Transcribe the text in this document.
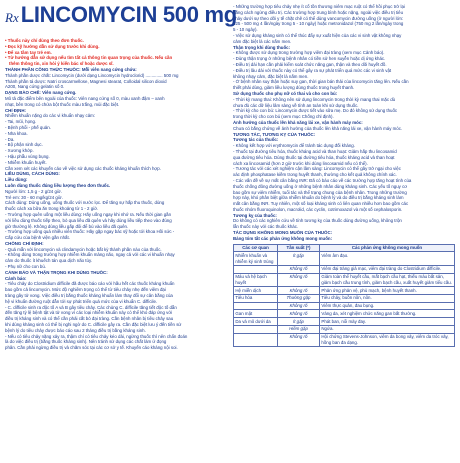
Rx LINCOMYCIN 500 mg

• Thuốc này chỉ dùng theo đơn thuốc.

• Đọc kỹ hướng dẫn sử dụng trước khi dùng.

• Để xa tầm tay trẻ em.

• Từ hướng dẫn sử dụng nếu tìm tất cả thông tin quan trọng của thuốc. Nếu cần

thêm thông tin, xin hỏi ý kiến bác sĩ hoặc dược sĩ.

THÀNH PHẦN CÔNG THỨC THUỐC: Mỗi viên nang cứng chứa:

Thành phần dược chất: Lincomycin (dưới dạng Lincomycin hydroclorid) .............. 500 mg

Thành phần tá dược: Natri croscarmellose, Magnesi stearat, Colloidal silicon dioxid

A200, Nang cứng gelatin số 0.

DẠNG BÀO CHẾ: Viên nang cứng.

Mô tả đặc điểm bên ngoài của thuốc: Viên nang cứng số 0, màu xanh đậm – xanh

nhạt, bên trong có chứa bột thuốc màu trắng, mùi đặc biệt.

CHỈ ĐỊNH:

Nhiễm khuẩn nặng do các vi khuẩn nhạy cảm:

- Tai, mũi, họng.

- Bệnh phổi - phế quản.

- Nha khoa.

- Da.

- Bộ phận sinh dục.

- Xương khớp.

- Hậu phẫu vùng bụng.

- Nhiễm khuẩn huyết.

Cần xem xét các khuyến cáo về việc sử dụng các thuốc kháng khuẩn thích hợp.

LIỀU DÙNG, CÁCH DÙNG:

Liều dùng:

Luôn dùng thuốc đúng liều lượng theo đơn thuốc.

Người lớn: 1,5 g - 2 g/24 giờ.

Trẻ em: 30 - 60 mg/kg/24 giờ.

Cách dùng: Dùng uống, uống thuốc với nước lọc. Để tăng sự hấp thu thuốc, dùng

thuốc cách xa bữa ăn trong khoảng từ 1 - 2 giờ.

- Trường hợp quên uống một liều dùng: Hãy uống ngay khi nhớ ra. Nếu thời gian gần

với liều dùng thuốc tiếp theo, bỏ qua liều đã quên và hãy dùng liều tiếp theo vào đúng

giờ thường lệ. Không dùng liều gấp đôi để bù vào liều đã quên.

- Trường hợp uống quá nhiều viên thuốc: Hãy gặp ngay bác sỹ hoặc tới khoa Hồi sức -

Cấp cứu của bệnh viện gần nhất.

CHỐNG CHỈ ĐỊNH:

- Quá mẫn với lincomycin và clindamycin hoặc bất kỳ thành phần nào của thuốc.

- Không dùng trong trường hợp nhiễm khuẩn màng não, ngay cả với các vi khuẩn nhạy

cảm do thuốc ít khuếch tán qua dịch não tủy.

- Phụ nữ cho con bú.

CẢNH BÁO VÀ THẬN TRỌNG KHI DÙNG THUỐC:

Cảnh báo:

- Tiêu chảy do Clostridium difficile đã được báo cáo với hầu hết các thuốc kháng khuẩn

bao gồm cả lincomycin. Mức độ nghiêm trọng có thể từ tiêu chảy nhẹ đến viêm đại

tràng gây tử vong. Việc điều trị bằng thuốc kháng khuẩn làm thay đổi sự cân bằng của

hệ vi khuẩn đường ruột dẫn tới sự phát triển quá mức của vi khuẩn C. difficile.

- C. difficile sinh ra độc tố A và B gây tiêu chảy. Các chủng C. difficile tăng tiết độc tố dẫn

đến tăng tỷ lệ bệnh tật và tử vong vì các loại nhiễm khuẩn này có thể khó đáp ứng với

điều trị kháng sinh và có thể cần phải cắt bỏ đại tràng. Cần bệnh nhân bị tiêu chảy sau

khi dùng kháng sinh có thể bị nghi ngờ do C. difficile gây ra. Cần đặc biệt lưu ý đến tiền sử

bệnh lý do tiêu chảy được báo cáo sau 2 tháng điều trị bằng kháng sinh.

- Nếu có tiêu chảy nặng xảy ra, thậm chí có tiêu chảy kéo dài, ngừng thuốc thì nên chẩn đoán

là do việc điều trị (bằng thuốc kháng sinh). Nên tránh sử dụng các chất làm ứ đọng

phân. Cần phải ngừng điều trị và chăm sóc tại các cơ sở y tế. Khuyến cáo kháng nội soi.

- Những trường hợp tiêu chảy nhẹ ít cố tồn thương niêm mạc ruột có thể hồi phục trở lại

bằng cách ngừng điều trị. Các trường hợp trung bình hoặc nặng, ngoài việc điều trị tiêu

chảy dưới sự theo dõi y tế chặt chẽ có thể dùng vancomycin đường uống (ở người lớn:

125 - 500 mg 4 lần/ngày trong 5 - 10 ngày) hoặc metronidazol (750 mg 2 lần/ngày trong

5 - 10 ngày).

- Việc sử dụng kháng sinh có thể thúc đẩy sự xuất hiện của các vi sinh vật không nhạy

cảm đặc biệt là các nấm men.

Thận trọng khi dùng thuốc:

- Không được sử dụng trong trường hợp viêm đại tràng (xem mục Cảnh báo).

- Dùng thận trọng ở những bệnh nhân có tiền sử hen suyễn hoặc dị ứng khác.

- Điều trị dài hạn cần phải kiểm soát chức năng gan, thận và theo dõi huyết đồ.

- Điều trị lâu dài với thuốc này có thể gây ra sự phát triển quá mức các vi sinh vật

không nhạy cảm, đặc biệt là nấm men.

- Ở bệnh nhân suy thận hoặc suy gan, thời gian bán thải của lincomycin tăng lên. Nếu cần

thiết phải dùng, giảm liều lượng dùng thuốc trong huyết thanh.

Sử dụng thuốc cho phụ nữ có thai và cho con bú:

- Thời kỳ mang thai: Không nên sử dụng lincomycin trong thời kỳ mang thai mặc dù

chưa đủ các dữ liệu lâm sàng về tính an toàn khi sử dụng thuốc.

- Thời kỳ cho con bú: Lincomycin được tiết vào sữa mẹ. Do đó không sử dụng thuốc

trong thời kỳ cho con bú (xem mục Chống chỉ định).

Ảnh hưởng của thuốc lên khả năng lái xe, vận hành máy móc:

Chưa có bằng chứng về ảnh hưởng của thuốc lên khả năng lái xe, vận hành máy móc.

TƯƠNG TÁC, TƯƠNG KỴ CỦA THUỐC:

Tương tác của thuốc:

- Không kết hợp với erythromycin để tránh tác dụng đối kháng.

- Thuốc tại đường tiêu hóa, thuốc kháng acid và than hoạt: Giảm hấp thu lincosamid

qua đường tiêu hóa. Dùng thuốc tại đường tiêu hóa, thuốc kháng acid và than hoạt

cách xa lincosamid (hơn 2 giờ trước khi dùng lincosamid nếu có thể).

- Tương tác với các xét nghiệm cận lâm sàng: Lincomycin có thể gây trở ngại cho việc

xác định phosphatase kiềm trong huyết thanh, thường cho kết quả không chính xác.

- Các vấn đề về sự mất cân bằng INR: Đã có báo cáo về các trường hợp tăng hoạt tính của

thuốc chống đông đường uống ở những bệnh nhân dùng kháng sinh. Các yếu tố nguy cơ

bao gồm sự viêm nhiễm, tuổi tác và thể trạng chung của bệnh nhân. Trong những trường

hợp này, khó phân biệt giữa nhiễm khuẩn do bệnh lý và do điều trị bằng kháng sinh làm

mất cân bằng INR. Tuy nhiên, một số loại kháng sinh có liên quan nhiều hơn bao gồm các

thuốc nhóm fluoroquinolon, macrolid, các cyclin, cotrimoxazol và một số cephalosporin.

Tương kỵ của thuốc:

Do không có các nghiên cứu về tính tương kỵ của thuốc dùng đường uống, không trộn

lẫn thuốc này với các thuốc khác.

TÁC DỤNG KHÔNG MONG MUỐN CỦA THUỐC:

Bảng tóm tắt các phản ứng không mong muốn:

Các cơ quan	Tần suất (*)	Các phản ứng không mong muốn
Nhiễm khuẩn và nhiễm ký sinh trùng	Ít gặp	Viêm âm đạo.
	Không rõ	Viêm đại tràng giả mạc, viêm đại tràng do Clostridium difficile.
Máu và hệ bạch huyết	Không rõ	Giảm toàn thể huyết cầu, mất bạch cầu hạt, thiếu máu bất sản, giảm bạch cầu trung tính, giảm bạch cầu, xuất huyết giảm tiểu cầu.
Hệ miễn dịch	Không rõ	Phản ứng phản vệ, phù mạch, bệnh huyết thanh.
Tiêu hóa	Thường gặp	Tiêu chảy, buồn nôn, nôn.
	Không rõ	Viêm thực quản, đau bụng.
Gan mật	Không rõ	Vàng da, xét nghiệm chức năng gan bất thường.
Da và mô dưới da	Ít gặp	Phát ban, nổi mày đay.
	Hiếm gặp	Ngứa.
	Không rõ	Hội chứng Stevens-Johnson, viêm da bong vảy, viêm da tróc vảy, hồng ban đa dạng.
